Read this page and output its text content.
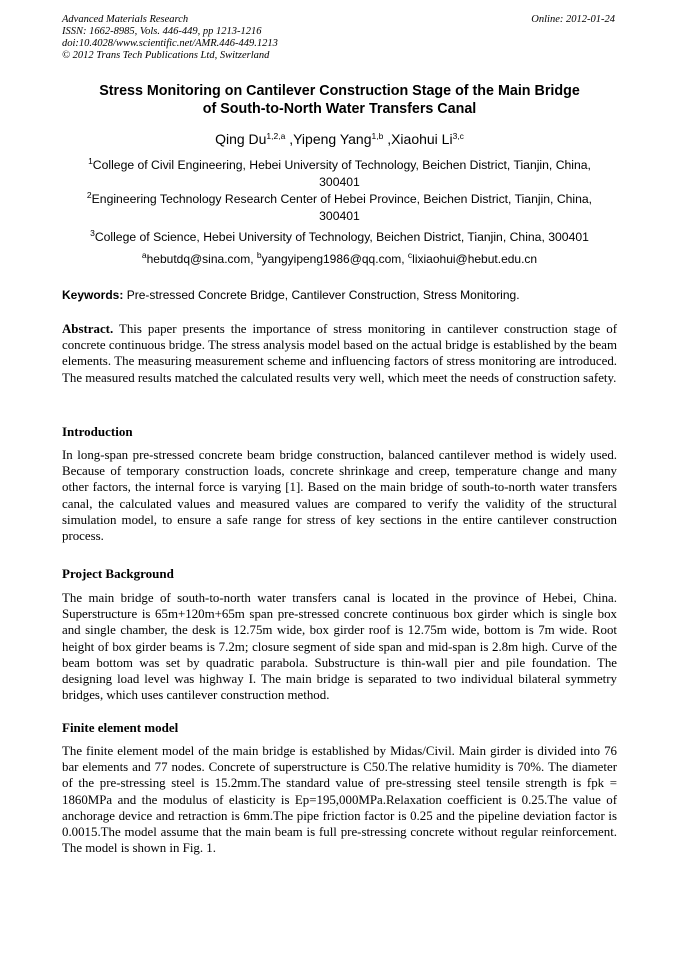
Advanced Materials Research
ISSN: 1662-8985, Vols. 446-449, pp 1213-1216
doi:10.4028/www.scientific.net/AMR.446-449.1213
© 2012 Trans Tech Publications Ltd, Switzerland
Online: 2012-01-24
Stress Monitoring on Cantilever Construction Stage of the Main Bridge
of South-to-North Water Transfers Canal
Qing Du$^{1,2,a}$ ,Yipeng Yang$^{1,b}$ ,Xiaohui Li$^{3,c}$
$^1$College of Civil Engineering, Hebei University of Technology, Beichen District, Tianjin, China,
300401
$^2$Engineering Technology Research Center of Hebei Province, Beichen District, Tianjin, China,
300401
$^3$College of Science, Hebei University of Technology, Beichen District, Tianjin, China, 300401
$^a$hebutdq@sina.com, $^b$yangyipeng1986@qq.com, $^c$lixiaohui@hebut.edu.cn
Keywords: Pre-stressed Concrete Bridge, Cantilever Construction, Stress Monitoring.
Abstract. This paper presents the importance of stress monitoring in cantilever construction stage of concrete continuous bridge. The stress analysis model based on the actual bridge is established by the beam elements. The measuring measurement scheme and influencing factors of stress monitoring are introduced. The measured results matched the calculated results very well, which meet the needs of construction safety.
Introduction
In long-span pre-stressed concrete beam bridge construction, balanced cantilever method is widely used. Because of temporary construction loads, concrete shrinkage and creep, temperature change and many other factors, the internal force is varying [1]. Based on the main bridge of south-to-north water transfers canal, the calculated values and measured values are compared to verify the validity of the structural simulation model, to ensure a safe range for stress of key sections in the entire cantilever construction process.
Project Background
The main bridge of south-to-north water transfers canal is located in the province of Hebei, China. Superstructure is 65m+120m+65m span pre-stressed concrete continuous box girder which is single box and single chamber, the desk is 12.75m wide, box girder roof is 12.75m wide, bottom is 7m wide. Root height of box girder beams is 7.2m; closure segment of side span and mid-span is 2.8m high. Curve of the beam bottom was set by quadratic parabola. Substructure is thin-wall pier and pile foundation. The designing load level was highway I. The main bridge is separated to two individual bilateral symmetry bridges, which uses cantilever construction method.
Finite element model
The finite element model of the main bridge is established by Midas/Civil. Main girder is divided into 76 bar elements and 77 nodes. Concrete of superstructure is C50.The relative humidity is 70%. The diameter of the pre-stressing steel is 15.2mm.The standard value of pre-stressing steel tensile strength is fpk = 1860MPa and the modulus of elasticity is Ep=195,000MPa.Relaxation coefficient is 0.25.The value of anchorage device and retraction is 6mm.The pipe friction factor is 0.25 and the pipeline deviation factor is 0.0015.The model assume that the main beam is full pre-stressing concrete without regular reinforcement. The model is shown in Fig. 1.
